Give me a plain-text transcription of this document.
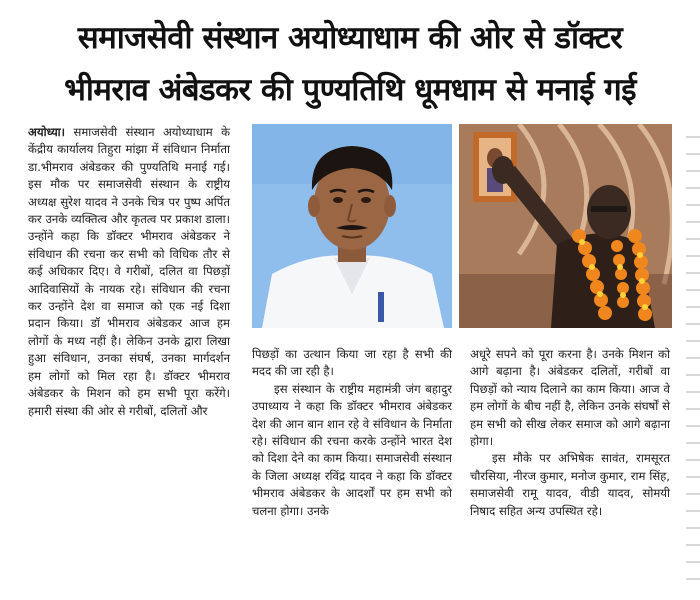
समाजसेवी संस्थान अयोध्याधाम की ओर से डॉक्टर
भीमराव अंबेडकर की पुण्यतिथि धूमधाम से मनाई गई

अयोध्या। समाजसेवी संस्थान अयोध्याधाम के केंद्रीय कार्यालय तिहुरा मांझा में संविधान निर्माता डा.भीमराव अंबेडकर की पुण्यतिथि मनाई गई। इस मौक पर समाजसेवी संस्थान के राष्ट्रीय अध्यक्ष सुरेश यादव ने उनके चित्र पर पुष्प अर्पित कर उनके व्यक्तित्व और कृतत्व पर प्रकाश डाला। उन्होंने कहा कि डॉक्टर भीमराव अंबेडकर ने संविधान की रचना कर सभी को विधिक तौर से कई अधिकार दिए। वे गरीबों, दलित वा पिछड़ों आदिवासियों के नायक रहे। संविधान की रचना कर उन्होंने देश वा समाज को एक नई दिशा प्रदान किया। डॉ भीमराव अंबेडकर आज हम लोगों के मध्य नहीं है। लेकिन उनके द्वारा लिखा हुआ संविधान, उनका संघर्ष, उनका मार्गदर्शन हम लोगों को मिल रहा है। डॉक्टर भीमराव अंबेडकर के मिशन को हम सभी पूरा करेंगे। हमारी संस्था की ओर से गरीबों, दलितों और

पिछड़ों का उत्थान किया जा रहा है सभी की मदद की जा रही है।

इस संस्थान के राष्ट्रीय महामंत्री जंग बहादुर उपाध्याय ने कहा कि डॉक्टर भीमराव अंबेडकर देश की आन बान शान रहे वे संविधान के निर्माता रहे। संविधान की रचना करके उन्होंने भारत देश को दिशा देने का काम किया। समाजसेवी संस्थान के जिला अध्यक्ष रविंद्र यादव ने कहा कि डॉक्टर भीमराव अंबेडकर के आदर्शों पर हम सभी को चलना होगा। उनके

अधूरे सपने को पूरा करना है। उनके मिशन को आगे बढ़ाना है। अंबेडकर दलितों, गरीबों वा पिछड़ों को न्याय दिलाने का काम किया। आज वे हम लोगों के बीच नहीं है, लेकिन उनके संघर्षों से हम सभी को सीख लेकर समाज को आगे बढ़ाना होगा।

इस मौके पर अभिषेक सावंत, रामसूरत चौरसिया, नीरज कुमार, मनोज कुमार, राम सिंह, समाजसेवी रामू यादव, वीडी यादव, सोमयी निषाद सहित अन्य उपस्थित रहे।
